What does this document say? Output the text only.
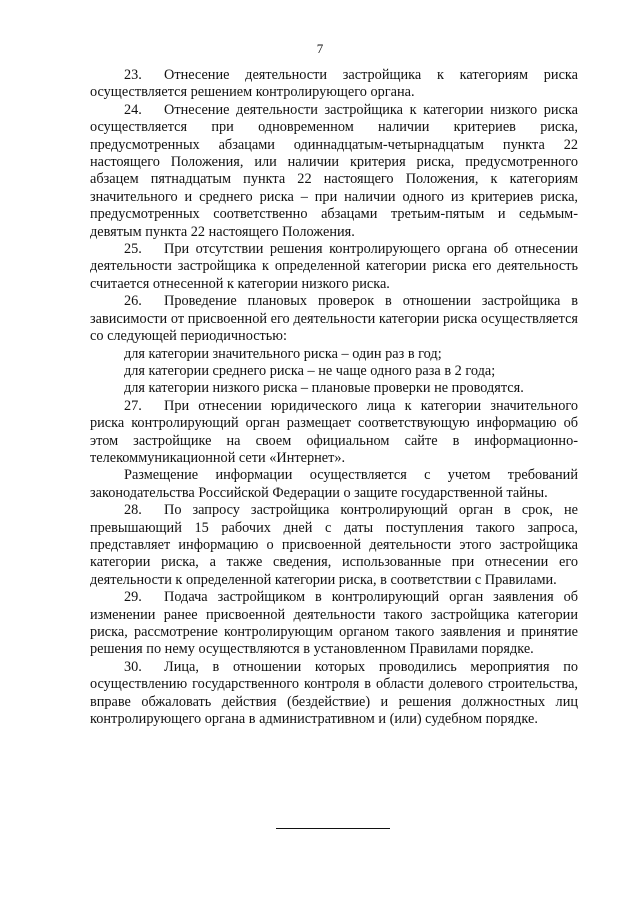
7

23. Отнесение деятельности застройщика к категориям риска осуществляется решением контролирующего органа.

24. Отнесение деятельности застройщика к категории низкого риска осуществляется при одновременном наличии критериев риска, предусмотренных абзацами одиннадцатым-четырнадцатым пункта 22 настоящего Положения, или наличии критерия риска, предусмотренного абзацем пятнадцатым пункта 22 настоящего Положения, к категориям значительного и среднего риска – при наличии одного из критериев риска, предусмотренных соответственно абзацами третьим-пятым и седьмым-девятым пункта 22 настоящего Положения.

25. При отсутствии решения контролирующего органа об отнесении деятельности застройщика к определенной категории риска его деятельность считается отнесенной к категории низкого риска.

26. Проведение плановых проверок в отношении застройщика в зависимости от присвоенной его деятельности категории риска осуществляется со следующей периодичностью:

для категории значительного риска – один раз в год;

для категории среднего риска – не чаще одного раза в 2 года;

для категории низкого риска – плановые проверки не проводятся.

27. При отнесении юридического лица к категории значительного риска контролирующий орган размещает соответствующую информацию об этом застройщике на своем официальном сайте в информационно-телекоммуникационной сети «Интернет».

Размещение информации осуществляется с учетом требований законодательства Российской Федерации о защите государственной тайны.

28. По запросу застройщика контролирующий орган в срок, не превышающий 15 рабочих дней с даты поступления такого запроса, представляет информацию о присвоенной деятельности этого застройщика категории риска, а также сведения, использованные при отнесении его деятельности к определенной категории риска, в соответствии с Правилами.

29. Подача застройщиком в контролирующий орган заявления об изменении ранее присвоенной деятельности такого застройщика категории риска, рассмотрение контролирующим органом такого заявления и принятие решения по нему осуществляются в установленном Правилами порядке.

30. Лица, в отношении которых проводились мероприятия по осуществлению государственного контроля в области долевого строительства, вправе обжаловать действия (бездействие) и решения должностных лиц контролирующего органа в административном и (или) судебном порядке.
